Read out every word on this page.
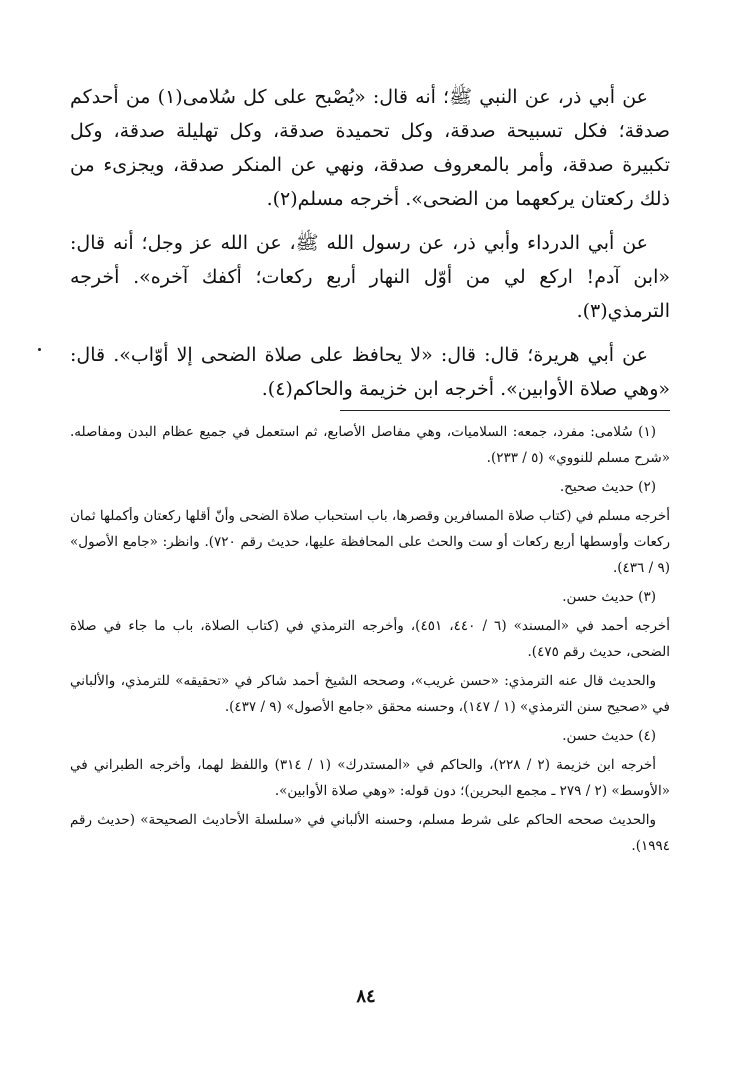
عن أبي ذر، عن النبي ﷺ؛ أنه قال: «يُصْبح على كل سُلامى(١) من أحدكم صدقة؛ فكل تسبيحة صدقة، وكل تحميدة صدقة، وكل تهليلة صدقة، وكل تكبيرة صدقة، وأمر بالمعروف صدقة، ونهي عن المنكر صدقة، ويجزىء من ذلك ركعتان يركعهما من الضحى». أخرجه مسلم(٢).

عن أبي الدرداء وأبي ذر، عن رسول الله ﷺ، عن الله عز وجل؛ أنه قال: «ابن آدم! اركع لي من أوّل النهار أربع ركعات؛ أكفك آخره». أخرجه الترمذي(٣).

عن أبي هريرة؛ قال: قال: «لا يحافظ على صلاة الضحى إلا أوّاب». قال: «وهي صلاة الأوابين». أخرجه ابن خزيمة والحاكم(٤).

(١) سُلامى: مفرد، جمعه: السلاميات، وهي مفاصل الأصابع، ثم استعمل في جميع عظام البدن ومفاصله. «شرح مسلم للنووي» (٥ / ٢٣٣).

(٢) حديث صحيح.

أخرجه مسلم في (كتاب صلاة المسافرين وقصرها، باب استحباب صلاة الضحى وأنّ أقلها ركعتان وأكملها ثمان ركعات وأوسطها أربع ركعات أو ست والحث على المحافظة عليها، حديث رقم ٧٢٠). وانظر: «جامع الأصول» (٩ / ٤٣٦).

(٣) حديث حسن.

أخرجه أحمد في «المسند» (٦ / ٤٤٠، ٤٥١)، وأخرجه الترمذي في (كتاب الصلاة، باب ما جاء في صلاة الضحى، حديث رقم ٤٧٥).

والحديث قال عنه الترمذي: «حسن غريب»، وصححه الشيخ أحمد شاكر في «تحقيقه» للترمذي، والألباني في «صحيح سنن الترمذي» (١ / ١٤٧)، وحسنه محقق «جامع الأصول» (٩ / ٤٣٧).

(٤) حديث حسن.

أخرجه ابن خزيمة (٢ / ٢٢٨)، والحاكم في «المستدرك» (١ / ٣١٤) واللفظ لهما، وأخرجه الطبراني في «الأوسط» (٢ / ٢٧٩ ـ مجمع البحرين)؛ دون قوله: «وهي صلاة الأوابين».

والحديث صححه الحاكم على شرط مسلم، وحسنه الألباني في «سلسلة الأحاديث الصحيحة» (حديث رقم ١٩٩٤).

٨٤
